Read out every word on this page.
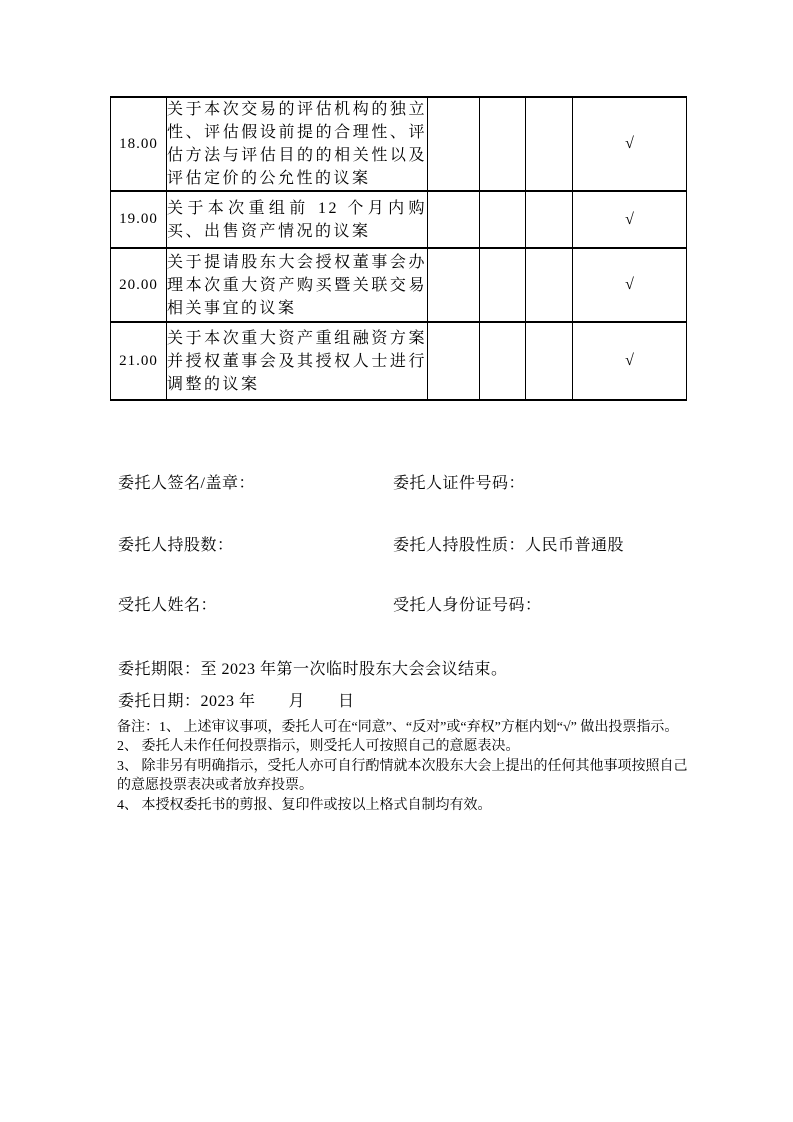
18.00	关于本次交易的评估机构的独立性、评估假设前提的合理性、评估方法与评估目的的相关性以及评估定价的公允性的议案				√
19.00	关于本次重组前 12 个月内购买、出售资产情况的议案				√
20.00	关于提请股东大会授权董事会办理本次重大资产购买暨关联交易相关事宜的议案				√
21.00	关于本次重大资产重组融资方案并授权董事会及其授权人士进行调整的议案				√
委托人签名/盖章：	委托人证件号码：
委托人持股数：	委托人持股性质：人民币普通股
受托人姓名：	受托人身份证号码：
委托期限：至 2023 年第一次临时股东大会会议结束。
委托日期：2023 年　　月　　日
备注：1、 上述审议事项，委托人可在“同意”、“反对”或“弃权”方框内划“√” 做出投票指示。
2、 委托人未作任何投票指示，则受托人可按照自己的意愿表决。
3、 除非另有明确指示，受托人亦可自行酌情就本次股东大会上提出的任何其他事项按照自己的意愿投票表决或者放弃投票。
4、 本授权委托书的剪报、复印件或按以上格式自制均有效。
